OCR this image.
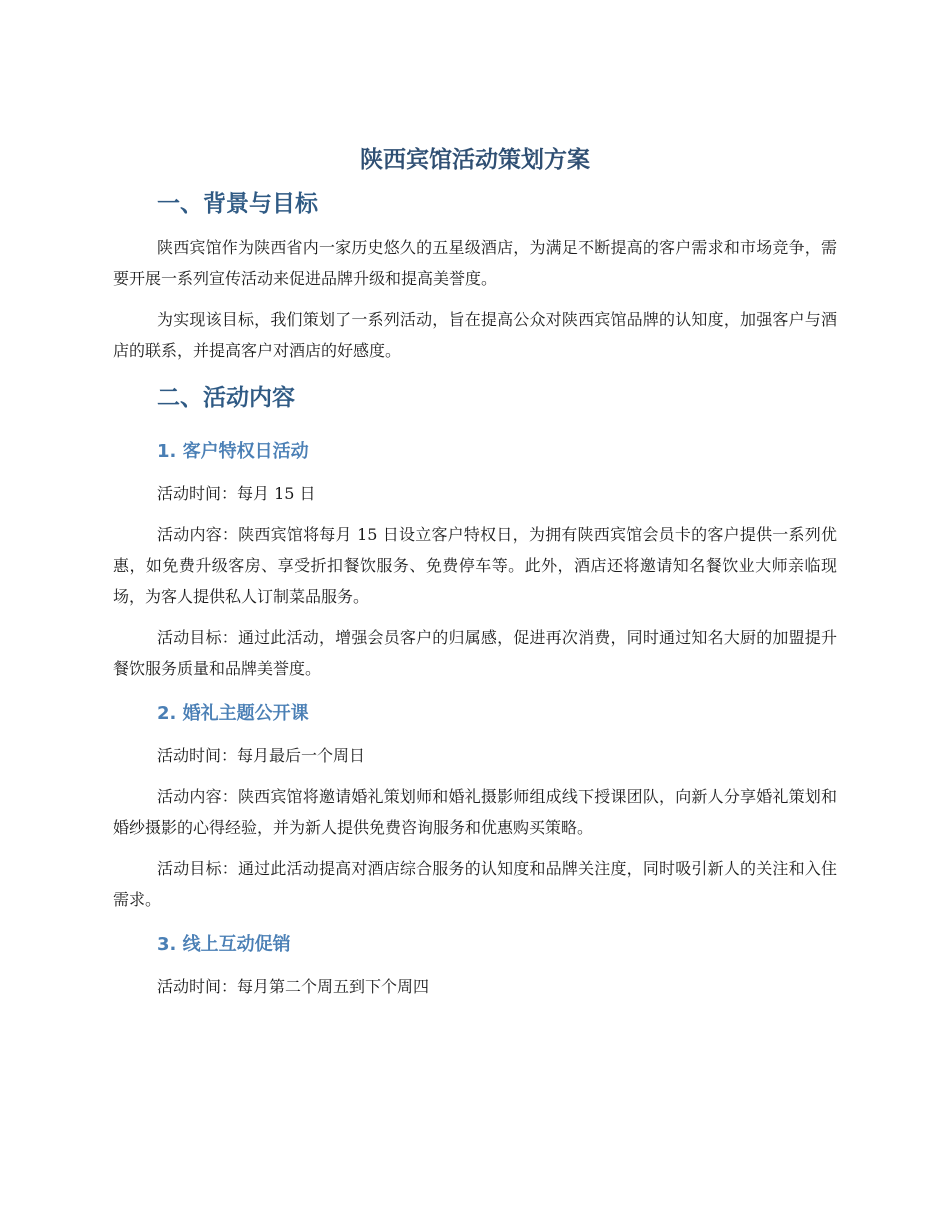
陕西宾馆活动策划方案
一、背景与目标

陕西宾馆作为陕西省内一家历史悠久的五星级酒店，为满足不断提高的客户需求和市场竞争，需要开展一系列宣传活动来促进品牌升级和提高美誉度。

为实现该目标，我们策划了一系列活动，旨在提高公众对陕西宾馆品牌的认知度，加强客户与酒店的联系，并提高客户对酒店的好感度。

二、活动内容
1. 客户特权日活动

活动时间：每月 15 日

活动内容：陕西宾馆将每月 15 日设立客户特权日，为拥有陕西宾馆会员卡的客户提供一系列优惠，如免费升级客房、享受折扣餐饮服务、免费停车等。此外，酒店还将邀请知名餐饮业大师亲临现场，为客人提供私人订制菜品服务。

活动目标：通过此活动，增强会员客户的归属感，促进再次消费，同时通过知名大厨的加盟提升餐饮服务质量和品牌美誉度。

2. 婚礼主题公开课

活动时间：每月最后一个周日

活动内容：陕西宾馆将邀请婚礼策划师和婚礼摄影师组成线下授课团队，向新人分享婚礼策划和婚纱摄影的心得经验，并为新人提供免费咨询服务和优惠购买策略。

活动目标：通过此活动提高对酒店综合服务的认知度和品牌关注度，同时吸引新人的关注和入住需求。

3. 线上互动促销

活动时间：每月第二个周五到下个周四
